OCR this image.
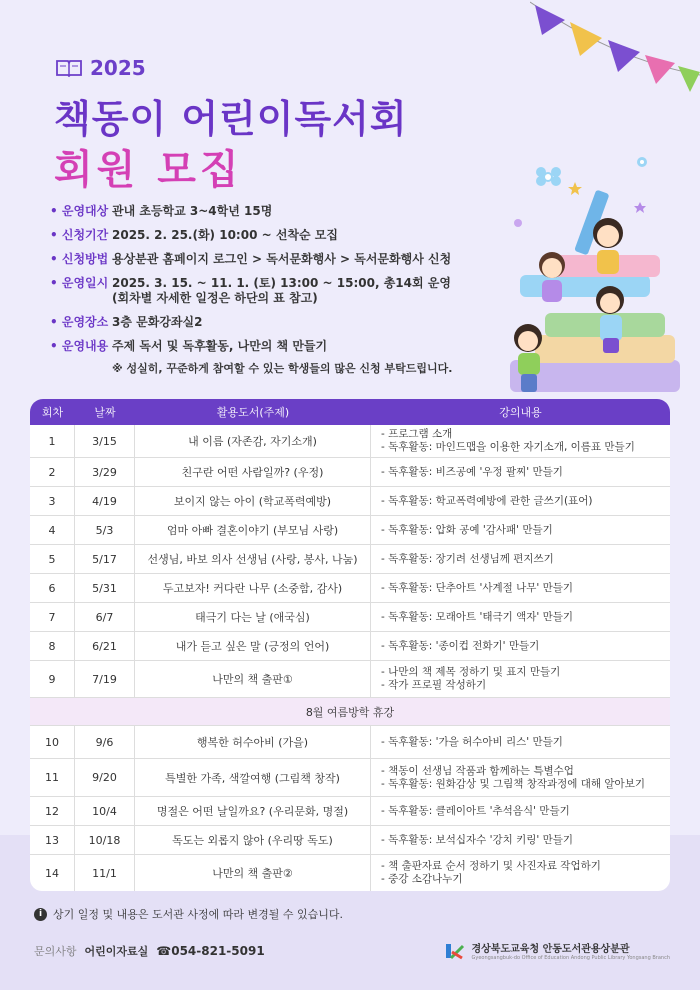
2025
책동이 어린이독서회
회원 모집
• 운영대상 관내 초등학교 3~4학년 15명
• 신청기간 2025. 2. 25.(화) 10:00 ~ 선착순 모집
• 신청방법 용상분관 홈페이지 로그인 > 독서문화행사 > 독서문화행사 신청
• 운영일시 2025. 3. 15. ~ 11. 1. (토) 13:00 ~ 15:00, 총14회 운영
(회차별 자세한 일정은 하단의 표 참고)
• 운영장소 3층 문화강좌실2
• 운영내용 주제 독서 및 독후활동, 나만의 책 만들기
※ 성실히, 꾸준하게 참여할 수 있는 학생들의 많은 신청 부탁드립니다.
회차	날짜	활용도서(주제)	강의내용
1	3/15	내 이름 (자존감, 자기소개)
- 프로그램 소개
- 독후활동: 마인드맵을 이용한 자기소개, 이름표 만들기
2	3/29	친구란 어떤 사람일까? (우정)	- 독후활동: 비즈공예 '우정 팔찌' 만들기
3	4/19	보이지 않는 아이 (학교폭력예방)	- 독후활동: 학교폭력예방에 관한 글쓰기(표어)
4	5/3	엄마 아빠 결혼이야기 (부모님 사랑)	- 독후활동: 압화 공예 '감사패' 만들기
5	5/17	선생님, 바보 의사 선생님 (사랑, 봉사, 나눔)	- 독후활동: 장기려 선생님께 편지쓰기
6	5/31	두고보자! 커다란 나무 (소중함, 감사)	- 독후활동: 단추아트 '사계절 나무' 만들기
7	6/7	태극기 다는 날 (애국심)	- 독후활동: 모래아트 '태극기 액자' 만들기
8	6/21	내가 듣고 싶은 말 (긍정의 언어)	- 독후활동: '종이컵 전화기' 만들기
9	7/19	나만의 책 출판①
- 나만의 책 제목 정하기 및 표지 만들기
- 작가 프로필 작성하기
8월 여름방학 휴강
10	9/6	행복한 허수아비 (가을)	- 독후활동: '가을 허수아비 리스' 만들기
11	9/20	특별한 가족, 색깔여행 (그림책 창작)
- 책동이 선생님 작품과 함께하는 특별수업
- 독후활동: 원화감상 및 그림책 창작과정에 대해 알아보기
12	10/4	명절은 어떤 날일까요? (우리문화, 명절)	- 독후활동: 클레이아트 '추석음식' 만들기
13	10/18	독도는 외롭지 않아 (우리땅 독도)	- 독후활동: 보석십자수 '강치 키링' 만들기
14	11/1	나만의 책 출판②
- 책 출판자료 순서 정하기 및 사진자료 작업하기
- 중강 소감나누기
i 상기 일정 및 내용은 도서관 사정에 따라 변경될 수 있습니다.
문의사항 어린이자료실 ☎054-821-5091	경상북도교육청 안동도서관용상분관
Gyeongsangbuk-do Office of Education Andong Public Library Yongsang Branch
